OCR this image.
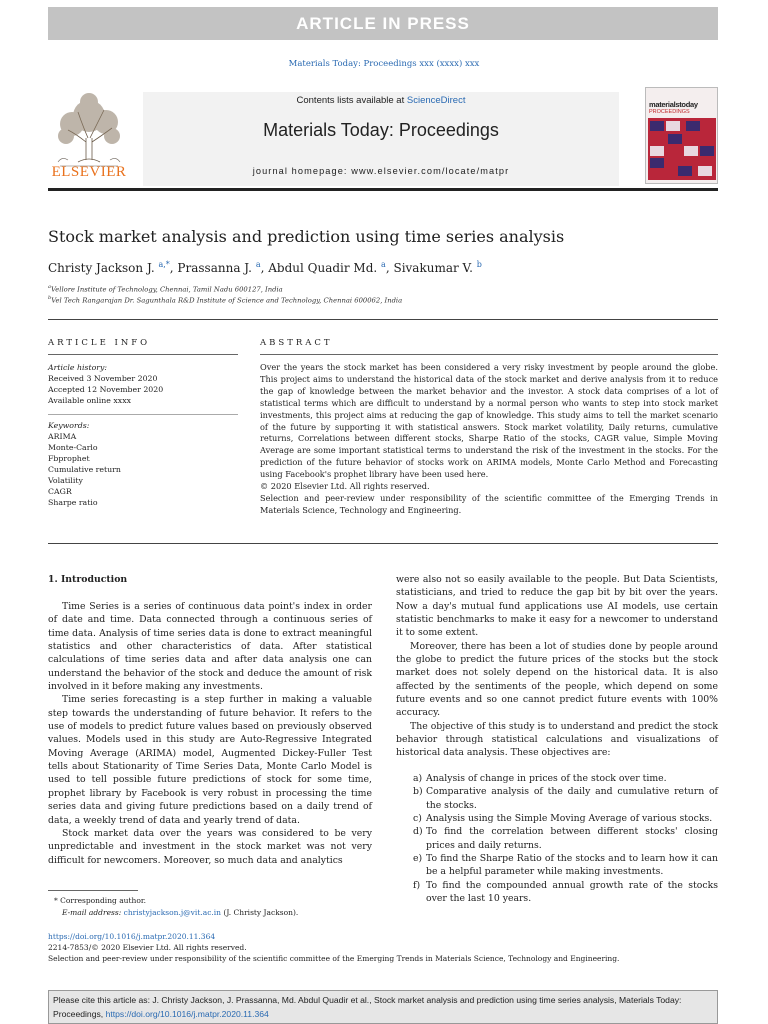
ARTICLE IN PRESS
Materials Today: Proceedings xxx (xxxx) xxx
ELSEVIER
Contents lists available at ScienceDirect
Materials Today: Proceedings
journal homepage: www.elsevier.com/locate/matpr
materialstoday
PROCEEDINGS
Stock market analysis and prediction using time series analysis
Christy Jackson J. $^{a,*}$, Prassanna J. $^a$, Abdul Quadir Md. $^a$, Sivakumar V. $^b$
$^a$Vellore Institute of Technology, Chennai, Tamil Nadu 600127, India
$^b$Vel Tech Rangarajan Dr. Sagunthala R&D Institute of Science and Technology, Chennai 600062, India
ARTICLE INFO
Article history:
Received 3 November 2020
Accepted 12 November 2020
Available online xxxx
Keywords:
ARIMA
Monte-Carlo
Fbprophet
Cumulative return
Volatility
CAGR
Sharpe ratio
ABSTRACT
Over the years the stock market has been considered a very risky investment by people around the globe. This project aims to understand the historical data of the stock market and derive analysis from it to reduce the gap of knowledge between the market behavior and the investor. A stock data comprises of a lot of statistical terms which are difficult to understand by a normal person who wants to step into stock market investments, this project aims at reducing the gap of knowledge. This study aims to tell the market scenario of the future by supporting it with statistical answers. Stock market volatility, Daily returns, cumulative returns, Correlations between different stocks, Sharpe Ratio of the stocks, CAGR value, Simple Moving Average are some important statistical terms to understand the risk of the investment in the stocks. For the prediction of the future behavior of stocks work on ARIMA models, Monte Carlo Method and Forecasting using Facebook's prophet library have been used here.
© 2020 Elsevier Ltd. All rights reserved.
Selection and peer-review under responsibility of the scientific committee of the Emerging Trends in Materials Science, Technology and Engineering.
1. Introduction

Time Series is a series of continuous data point's index in order of date and time. Data connected through a continuous series of time data. Analysis of time series data is done to extract meaningful statistics and other characteristics of data. After statistical calculations of time series data and after data analysis one can understand the behavior of the stock and deduce the amount of risk involved in it before making any investments.

Time series forecasting is a step further in making a valuable step towards the understanding of future behavior. It refers to the use of models to predict future values based on previously observed values. Models used in this study are Auto-Regressive Integrated Moving Average (ARIMA) model, Augmented Dickey-Fuller Test tells about Stationarity of Time Series Data, Monte Carlo Model is used to tell possible future predictions of stock for some time, prophet library by Facebook is very robust in processing the time series data and giving future predictions based on a daily trend of data, a weekly trend of data and yearly trend of data.

Stock market data over the years was considered to be very unpredictable and investment in the stock market was not very difficult for newcomers. Moreover, so much data and analytics

were also not so easily available to the people. But Data Scientists, statisticians, and tried to reduce the gap bit by bit over the years. Now a day's mutual fund applications use AI models, use certain statistic benchmarks to make it easy for a newcomer to understand it to some extent.

Moreover, there has been a lot of studies done by people around the globe to predict the future prices of the stocks but the stock market does not solely depend on the historical data. It is also affected by the sentiments of the people, which depend on some future events and so one cannot predict future events with 100% accuracy.

The objective of this study is to understand and predict the stock behavior through statistical calculations and visualizations of historical data analysis. These objectives are:

a) Analysis of change in prices of the stock over time.
b) Comparative analysis of the daily and cumulative return of the stocks.
c) Analysis using the Simple Moving Average of various stocks.
d) To find the correlation between different stocks' closing prices and daily returns.
e) To find the Sharpe Ratio of the stocks and to learn how it can be a helpful parameter while making investments.
f) To find the compounded annual growth rate of the stocks over the last 10 years.
* Corresponding author.
E-mail address: christyjackson.j@vit.ac.in (J. Christy Jackson).
https://doi.org/10.1016/j.matpr.2020.11.364
2214-7853/© 2020 Elsevier Ltd. All rights reserved.
Selection and peer-review under responsibility of the scientific committee of the Emerging Trends in Materials Science, Technology and Engineering.
Please cite this article as: J. Christy Jackson, J. Prassanna, Md. Abdul Quadir et al., Stock market analysis and prediction using time series analysis, Materials Today: Proceedings, https://doi.org/10.1016/j.matpr.2020.11.364
